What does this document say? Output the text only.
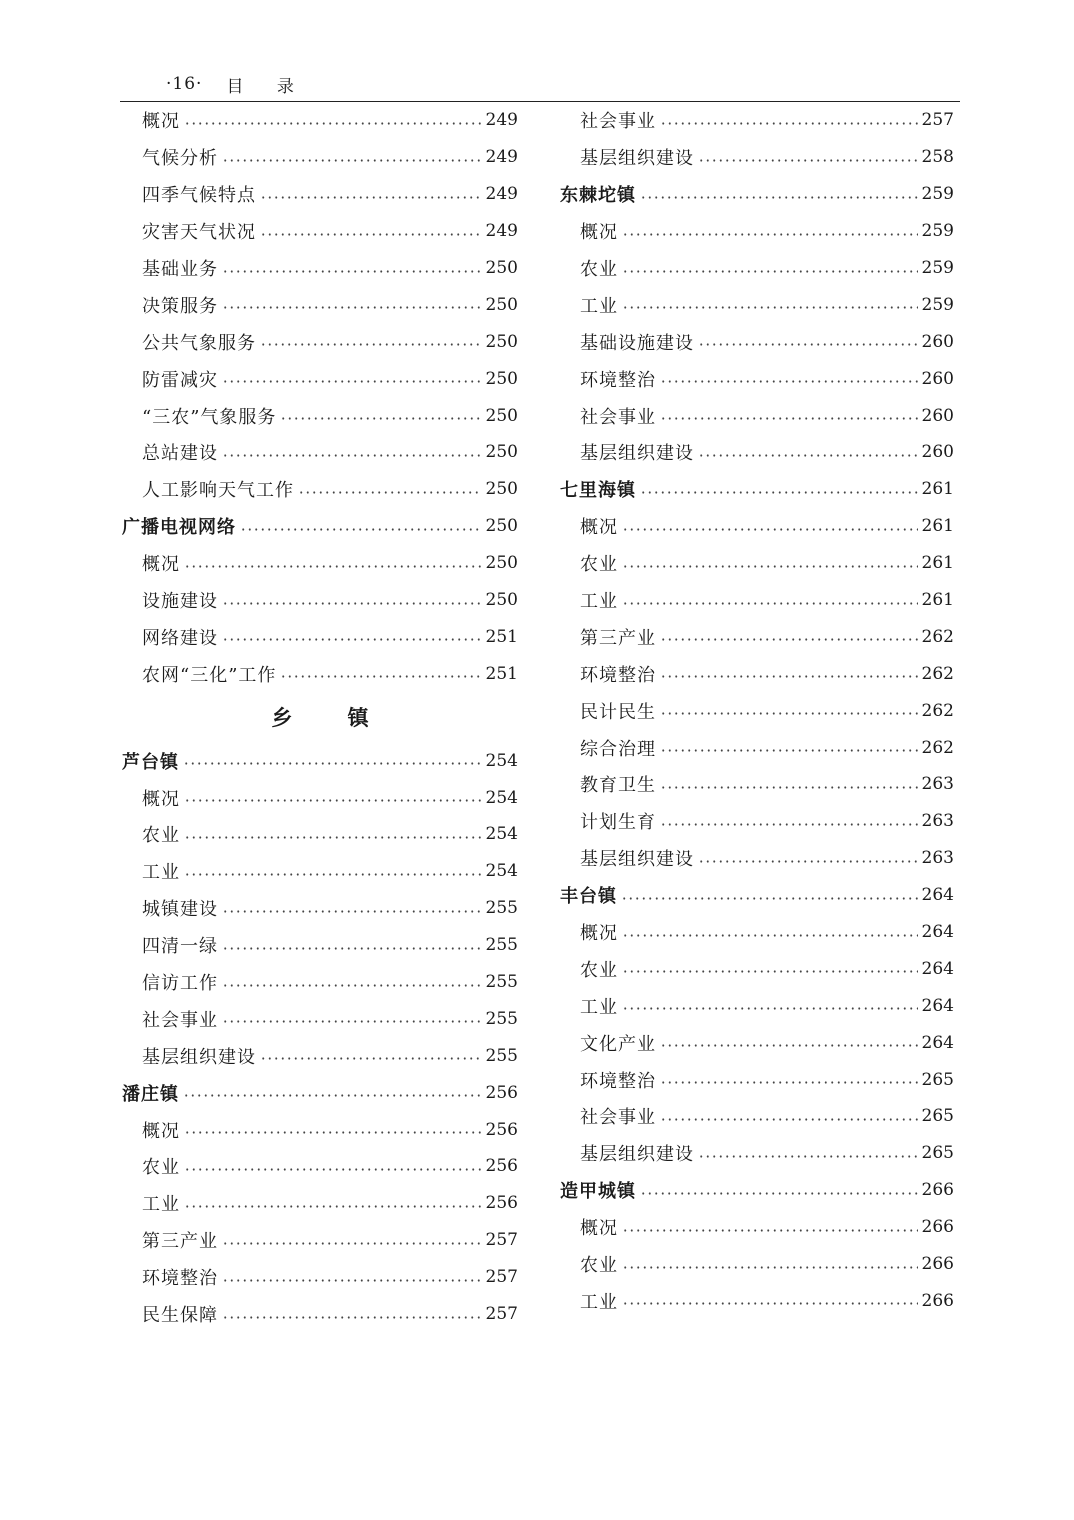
·16· 目 录
概况	249
气候分析	249
四季气候特点	249
灾害天气状况	249
基础业务	250
决策服务	250
公共气象服务	250
防雷减灾	250
“三农”气象服务	250
总站建设	250
人工影响天气工作	250
广播电视网络	250
概况	250
设施建设	250
网络建设	251
农网“三化”工作	251
乡 镇
芦台镇	254
概况	254
农业	254
工业	254
城镇建设	255
四清一绿	255
信访工作	255
社会事业	255
基层组织建设	255
潘庄镇	256
概况	256
农业	256
工业	256
第三产业	257
环境整治	257
民生保障	257
社会事业	257
基层组织建设	258
东棘坨镇	259
概况	259
农业	259
工业	259
基础设施建设	260
环境整治	260
社会事业	260
基层组织建设	260
七里海镇	261
概况	261
农业	261
工业	261
第三产业	262
环境整治	262
民计民生	262
综合治理	262
教育卫生	263
计划生育	263
基层组织建设	263
丰台镇	264
概况	264
农业	264
工业	264
文化产业	264
环境整治	265
社会事业	265
基层组织建设	265
造甲城镇	266
概况	266
农业	266
工业	266
